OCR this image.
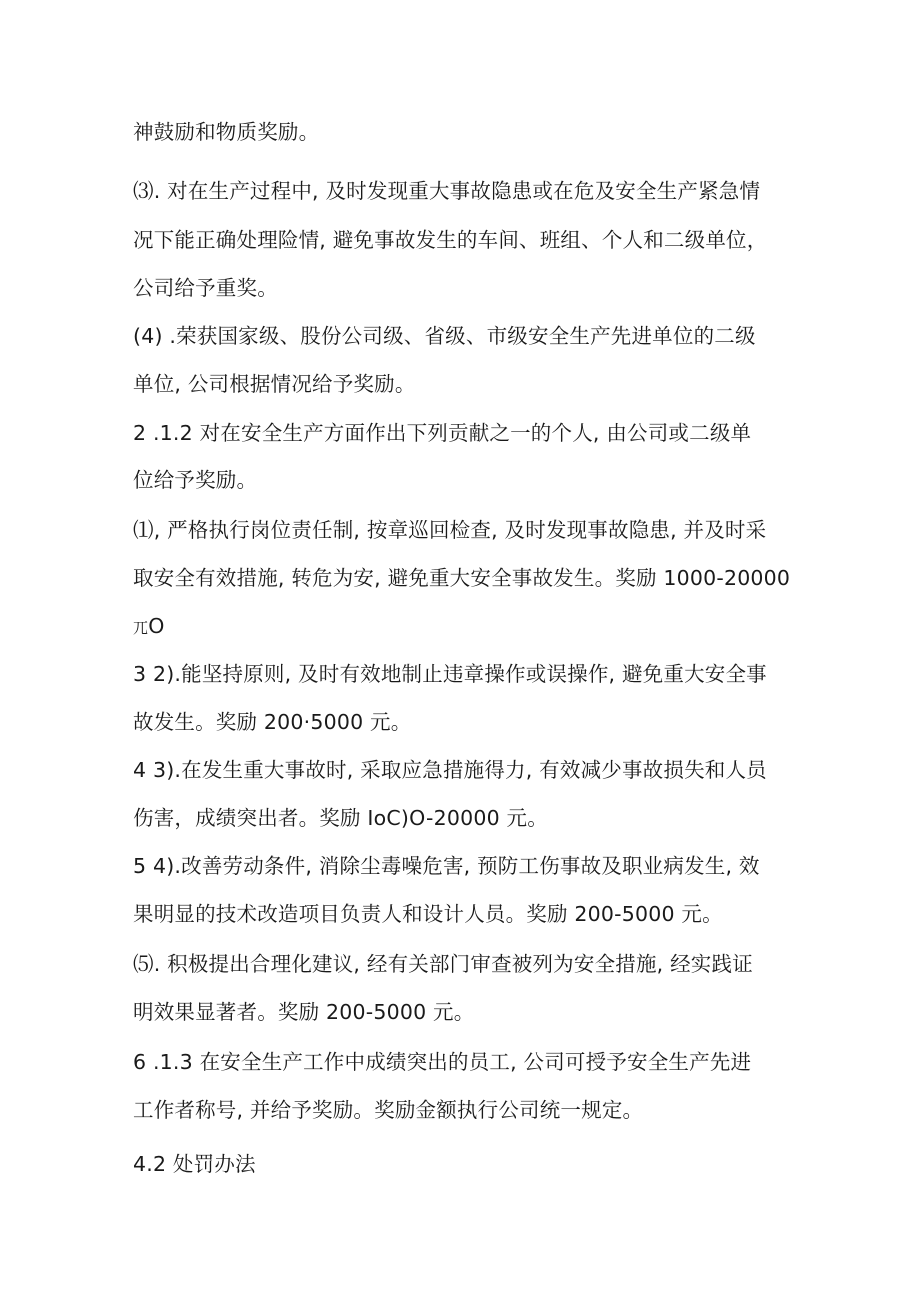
神鼓励和物质奖励。
⑶. 对在生产过程中, 及时发现重大事故隐患或在危及安全生产紧急情
况下能正确处理险情, 避免事故发生的车间、班组、个人和二级单位，
公司给予重奖。
(4) .荣获国家级、股份公司级、省级、市级安全生产先进单位的二级
单位, 公司根据情况给予奖励。
2 .1.2 对在安全生产方面作出下列贡献之一的个人, 由公司或二级单
位给予奖励。
⑴, 严格执行岗位责任制, 按章巡回检查, 及时发现事故隐患, 并及时采
取安全有效措施, 转危为安, 避免重大安全事故发生。奖励 1000-20000
兀O
3 2).能坚持原则, 及时有效地制止违章操作或误操作, 避免重大安全事
故发生。奖励 200·5000 元。
4 3).在发生重大事故时, 采取应急措施得力, 有效减少事故损失和人员
伤害，成绩突出者。奖励 IoC)O-20000 元。
5 4).改善劳动条件, 消除尘毒噪危害, 预防工伤事故及职业病发生, 效
果明显的技术改造项目负责人和设计人员。奖励 200-5000 元。
⑸. 积极提出合理化建议, 经有关部门审查被列为安全措施, 经实践证
明效果显著者。奖励 200-5000 元。
6 .1.3 在安全生产工作中成绩突出的员工, 公司可授予安全生产先进
工作者称号, 并给予奖励。奖励金额执行公司统一规定。
4.2 处罚办法
